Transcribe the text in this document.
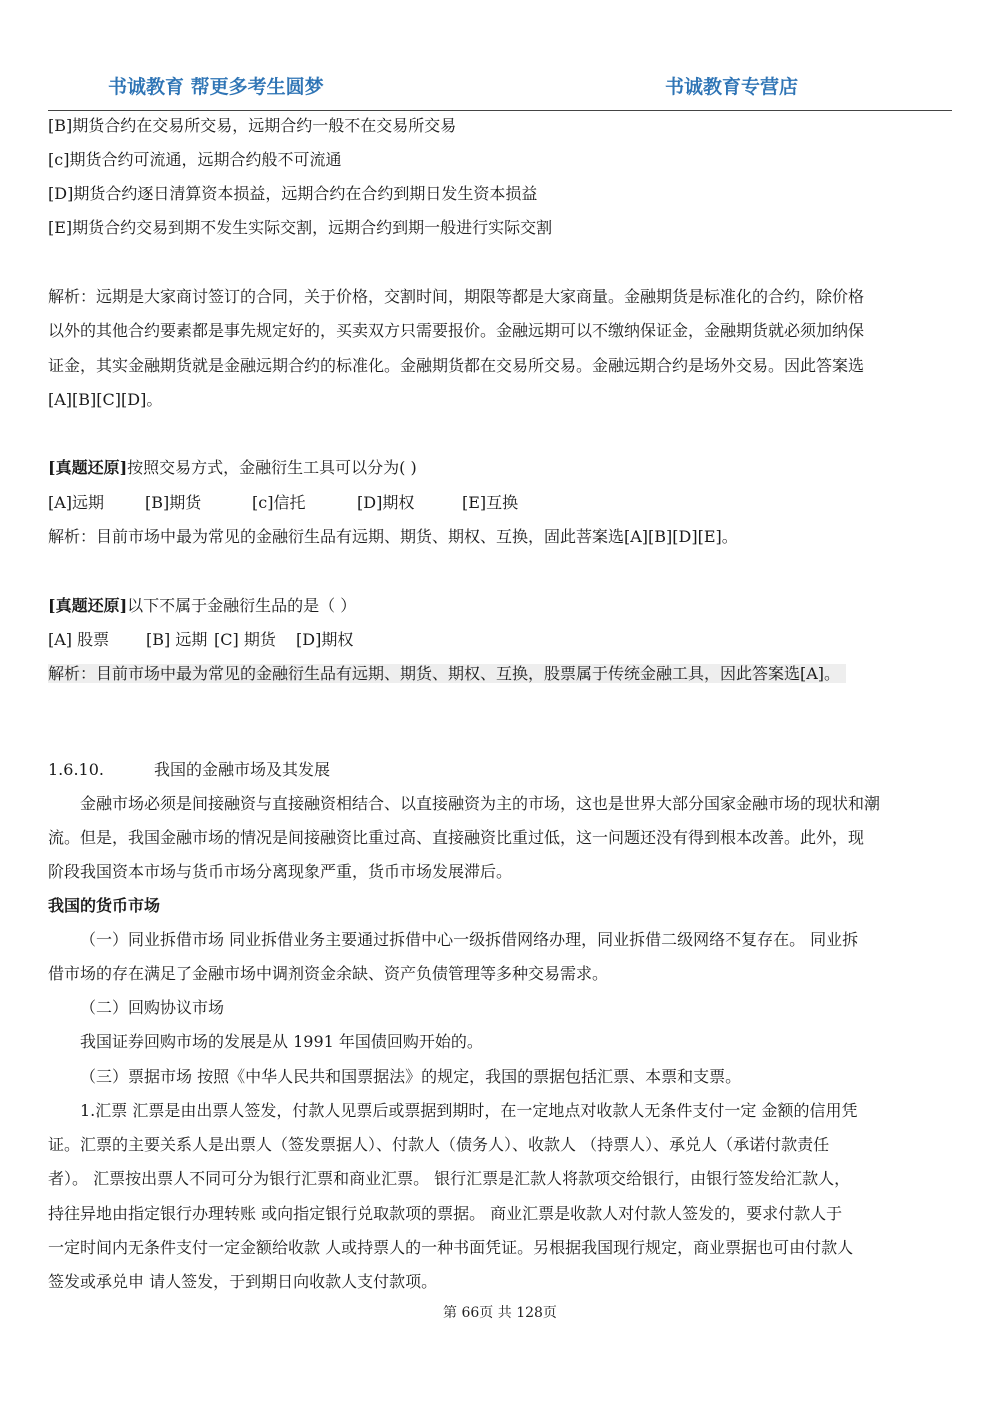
书诚教育 帮更多考生圆梦	书诚教育专营店
[B]期货合约在交易所交易，远期合约一般不在交易所交易
[c]期货合约可流通，远期合约般不可流通
[D]期货合约逐日清算资本损益，远期合约在合约到期日发生资本损益
[E]期货合约交易到期不发生实际交割，远期合约到期一般进行实际交割
解析：远期是大家商讨签订的合同，关于价格，交割时间，期限等都是大家商量。金融期货是标准化的合约，除价格
以外的其他合约要素都是事先规定好的，买卖双方只需要报价。金融远期可以不缴纳保证金，金融期货就必须加纳保
证金，其实金融期货就是金融远期合约的标准化。金融期货都在交易所交易。金融远期合约是场外交易。因此答案选
[A][B][C][D]。
[真题还原]按照交易方式，金融衍生工具可以分为( )
[A]远期	[B]期货	[c]信托	[D]期权	[E]互换
解析：目前市场中最为常见的金融衍生品有远期、期货、期权、互换，固此菩案选[A][B][D][E]。
[真题还原]以下不属于金融衍生品的是（ ）
[A] 股票 [B] 远期 [C] 期货 [D]期权
解析：目前市场中最为常见的金融衍生品有远期、期货、期权、互换，股票属于传统金融工具，因此答案选[A]。
1.6.10.	我国的金融市场及其发展
金融市场必须是间接融资与直接融资相结合、以直接融资为主的市场，这也是世界大部分国家金融市场的现状和潮
流。但是，我国金融市场的情况是间接融资比重过高、直接融资比重过低，这一问题还没有得到根本改善。此外，现
阶段我国资本市场与货币市场分离现象严重，货币市场发展滞后。
我国的货币市场
（一）同业拆借市场 同业拆借业务主要通过拆借中心一级拆借网络办理，同业拆借二级网络不复存在。 同业拆
借市场的存在满足了金融市场中调剂资金余缺、资产负债管理等多种交易需求。
（二）回购协议市场
我国证券回购市场的发展是从 1991 年国债回购开始的。
（三）票据市场 按照《中华人民共和国票据法》的规定，我国的票据包括汇票、本票和支票。
1.汇票 汇票是由出票人签发，付款人见票后或票据到期时，在一定地点对收款人无条件支付一定 金额的信用凭
证。汇票的主要关系人是出票人（签发票据人）、付款人（债务人）、收款人 （持票人）、承兑人（承诺付款责任
者）。 汇票按出票人不同可分为银行汇票和商业汇票。 银行汇票是汇款人将款项交给银行，由银行签发给汇款人，
持往异地由指定银行办理转账 或向指定银行兑取款项的票据。 商业汇票是收款人对付款人签发的，要求付款人于
一定时间内无条件支付一定金额给收款 人或持票人的一种书面凭证。另根据我国现行规定，商业票据也可由付款人
签发或承兑申 请人签发，于到期日向收款人支付款项。
第 66页 共 128页
